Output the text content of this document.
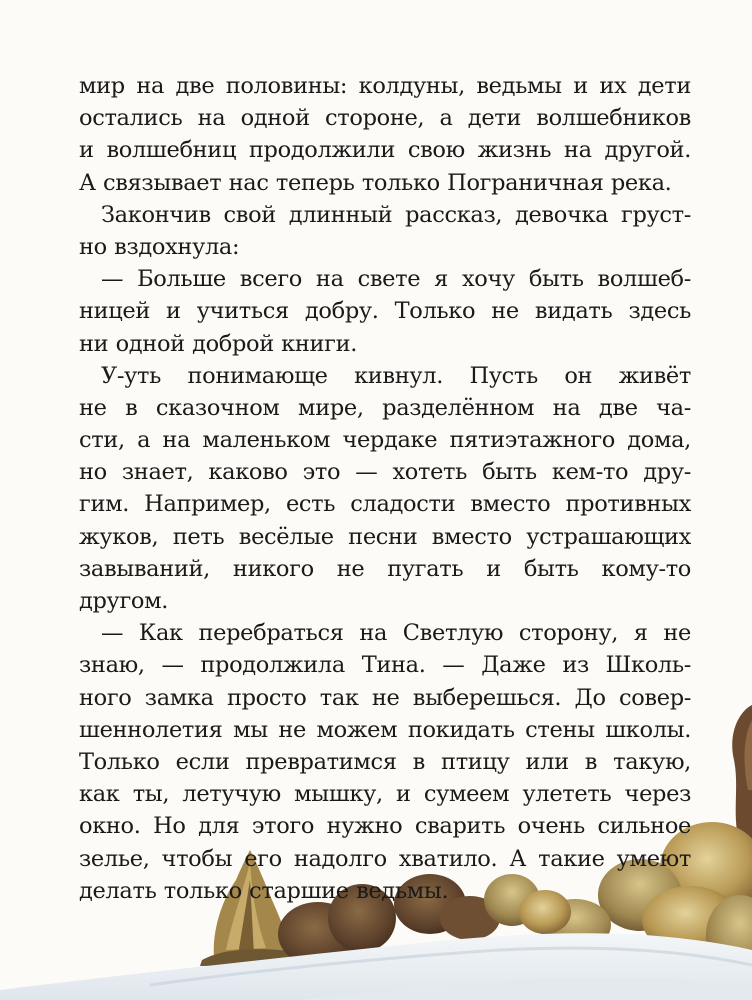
мир на две половины: колдуны, ведьмы и их дети
остались на одной стороне, а дети волшебников
и волшебниц продолжили свою жизнь на другой.
А связывает нас теперь только Пограничная река.

Закончив свой длинный рассказ, девочка груст-
но вздохнула:

— Больше всего на свете я хочу быть волшеб-
ницей и учиться добру. Только не видать здесь
ни одной доброй книги.

У-уть понимающе кивнул. Пусть он живёт
не в сказочном мире, разделённом на две ча-
сти, а на маленьком чердаке пятиэтажного дома,
но знает, каково это — хотеть быть кем-то дру-
гим. Например, есть сладости вместо противных
жуков, петь весёлые песни вместо устрашающих
завываний, никого не пугать и быть кому-то
другом.

— Как перебраться на Светлую сторону, я не
знаю, — продолжила Тина. — Даже из Школь-
ного замка просто так не выберешься. До совер-
шеннолетия мы не можем покидать стены школы.
Только если превратимся в птицу или в такую,
как ты, летучую мышку, и сумеем улететь через
окно. Но для этого нужно сварить очень сильное
зелье, чтобы его надолго хватило. А такие умеют
делать только старшие ведьмы.
